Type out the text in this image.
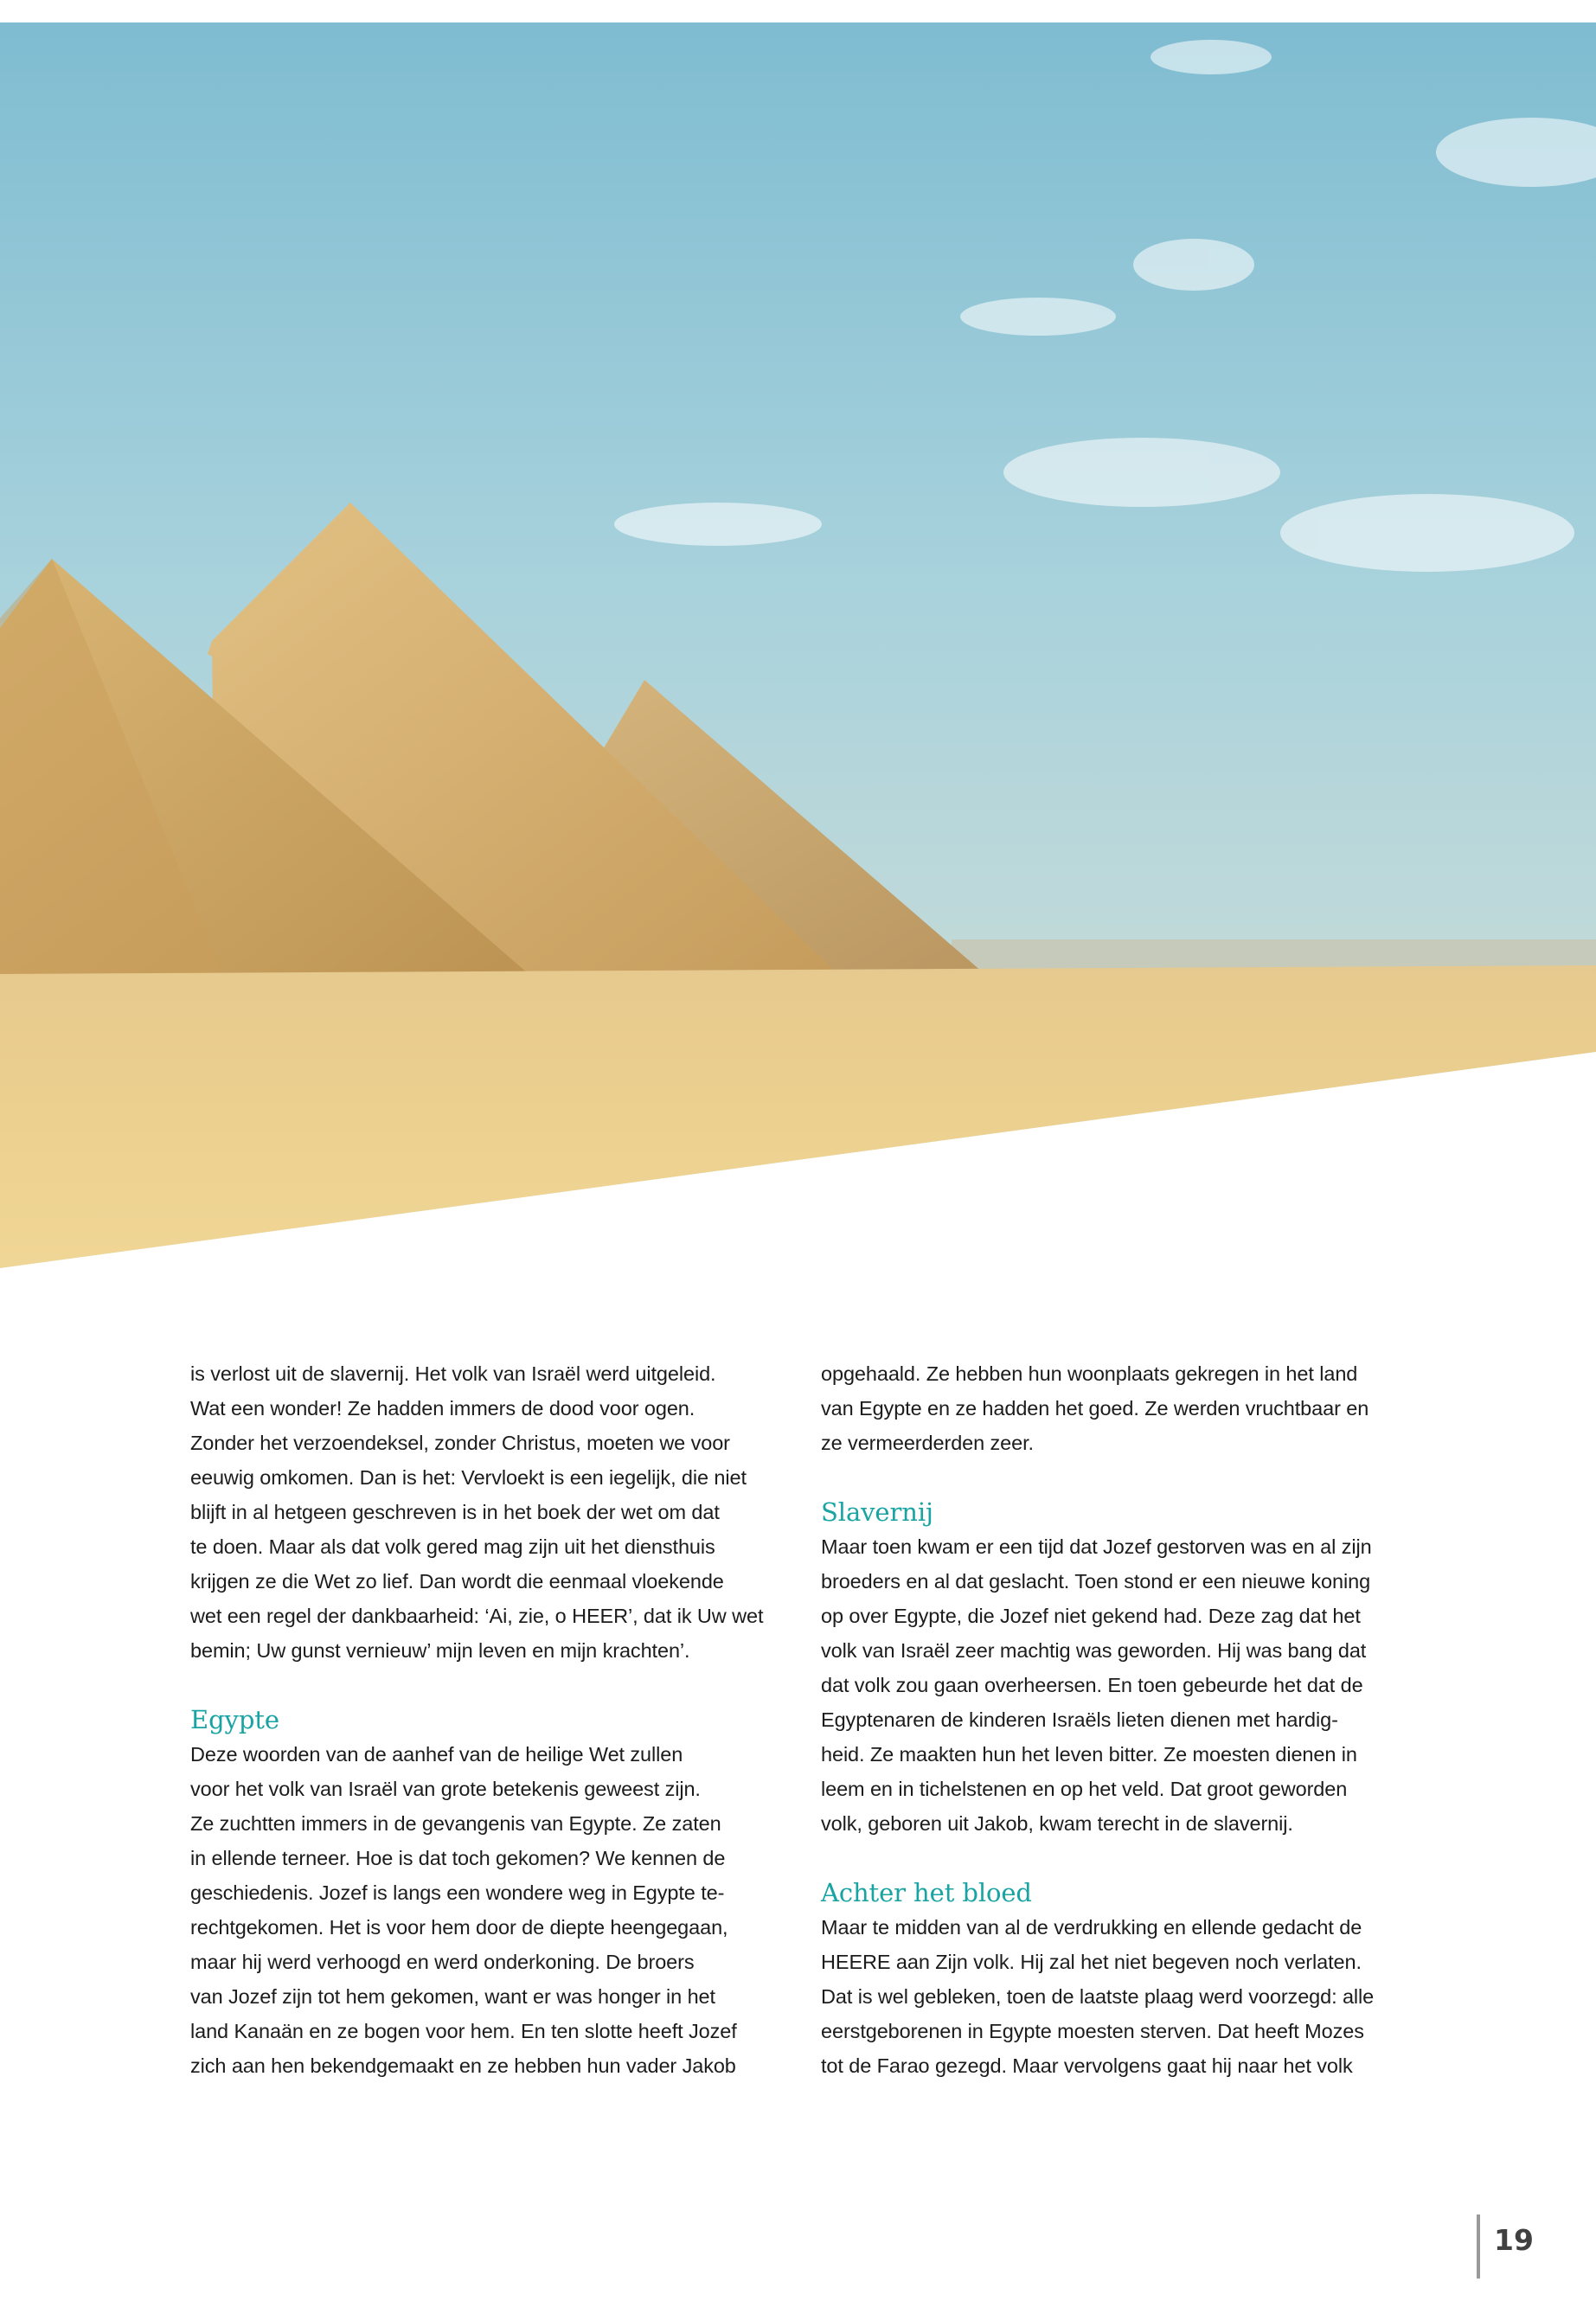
is verlost uit de slavernij. Het volk van Israël werd uitgeleid.
Wat een wonder! Ze hadden immers de dood voor ogen.
Zonder het verzoendeksel, zonder Christus, moeten we voor
eeuwig omkomen. Dan is het: Vervloekt is een iegelijk, die niet
blijft in al hetgeen geschreven is in het boek der wet om dat
te doen. Maar als dat volk gered mag zijn uit het diensthuis
krijgen ze die Wet zo lief. Dan wordt die eenmaal vloekende
wet een regel der dankbaarheid: ‘Ai, zie, o HEER’, dat ik Uw wet
bemin; Uw gunst vernieuw’ mijn leven en mijn krachten’.

Egypte

Deze woorden van de aanhef van de heilige Wet zullen
voor het volk van Israël van grote betekenis geweest zijn.
Ze zuchtten immers in de gevangenis van Egypte. Ze zaten
in ellende terneer. Hoe is dat toch gekomen? We kennen de
geschiedenis. Jozef is langs een wondere weg in Egypte te-
rechtgekomen. Het is voor hem door de diepte heengegaan,
maar hij werd verhoogd en werd onderkoning. De broers
van Jozef zijn tot hem gekomen, want er was honger in het
land Kanaän en ze bogen voor hem. En ten slotte heeft Jozef
zich aan hen bekendgemaakt en ze hebben hun vader Jakob

opgehaald. Ze hebben hun woonplaats gekregen in het land
van Egypte en ze hadden het goed. Ze werden vruchtbaar en
ze vermeerderden zeer.

Slavernij

Maar toen kwam er een tijd dat Jozef gestorven was en al zijn
broeders en al dat geslacht. Toen stond er een nieuwe koning
op over Egypte, die Jozef niet gekend had. Deze zag dat het
volk van Israël zeer machtig was geworden. Hij was bang dat
dat volk zou gaan overheersen. En toen gebeurde het dat de
Egyptenaren de kinderen Israëls lieten dienen met hardig-
heid. Ze maakten hun het leven bitter. Ze moesten dienen in
leem en in tichelstenen en op het veld. Dat groot geworden
volk, geboren uit Jakob, kwam terecht in de slavernij.

Achter het bloed

Maar te midden van al de verdrukking en ellende gedacht de
HEERE aan Zijn volk. Hij zal het niet begeven noch verlaten.
Dat is wel gebleken, toen de laatste plaag werd voorzegd: alle
eerstgeborenen in Egypte moesten sterven. Dat heeft Mozes
tot de Farao gezegd. Maar vervolgens gaat hij naar het volk

19
